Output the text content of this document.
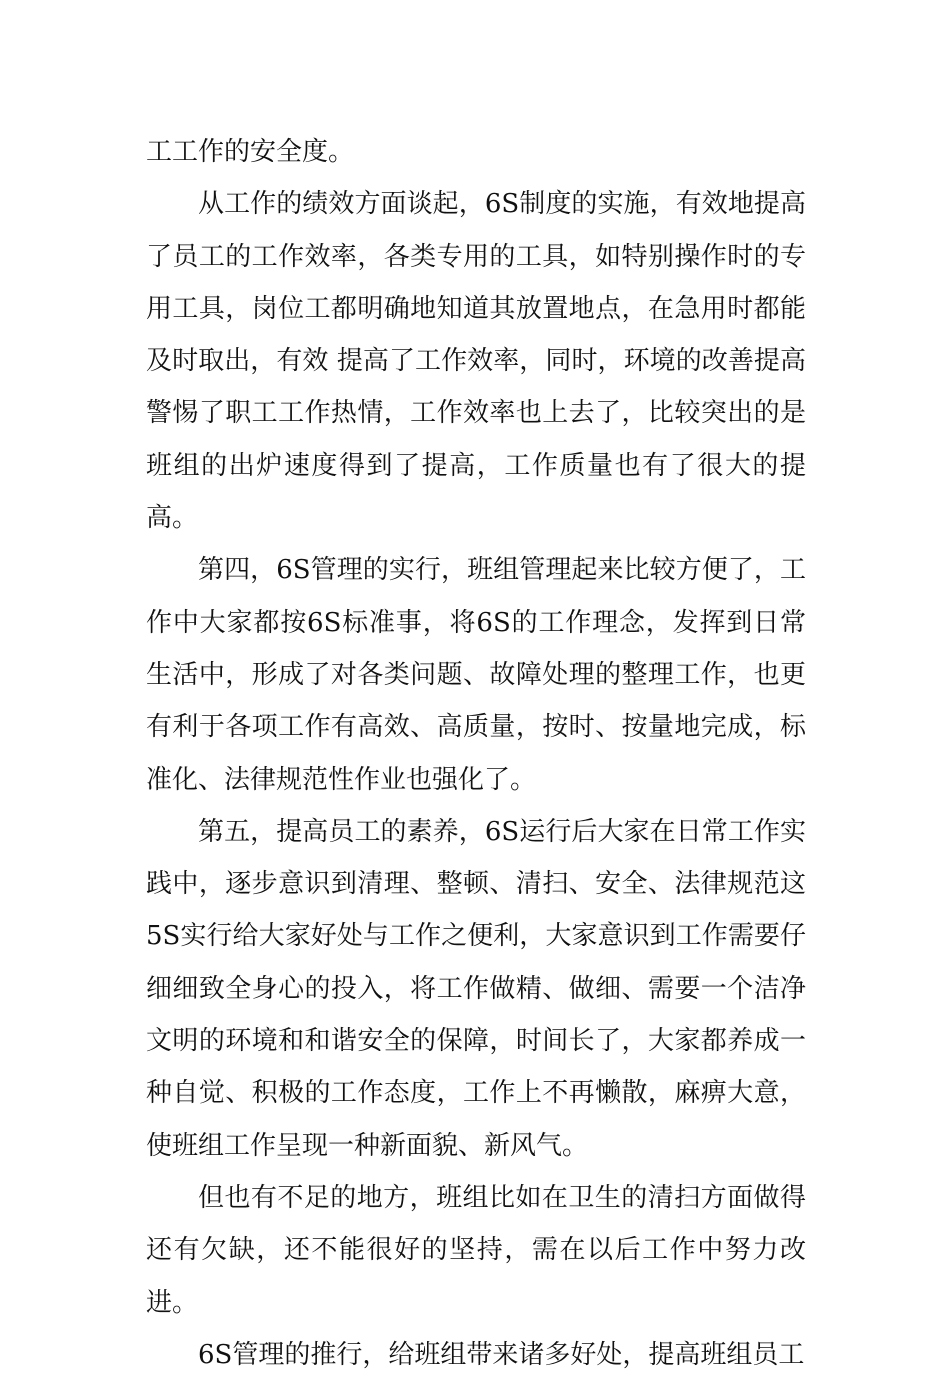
工工作的安全度。

从工作的绩效方面谈起，6S制度的实施，有效地提高了员工的工作效率，各类专用的工具，如特别操作时的专用工具，岗位工都明确地知道其放置地点，在急用时都能及时取出，有效 提高了工作效率，同时，环境的改善提高警惕了职工工作热情，工作效率也上去了，比较突出的是班组的出炉速度得到了提高，工作质量也有了很大的提高。

第四，6S管理的实行，班组管理起来比较方便了，工作中大家都按6S标准事，将6S的工作理念，发挥到日常生活中，形成了对各类问题、故障处理的整理工作，也更有利于各项工作有高效、高质量，按时、按量地完成，标准化、法律规范性作业也强化了。

第五，提高员工的素养，6S运行后大家在日常工作实践中，逐步意识到清理、整顿、清扫、安全、法律规范这5S实行给大家好处与工作之便利，大家意识到工作需要仔细细致全身心的投入，将工作做精、做细、需要一个洁净文明的环境和和谐安全的保障，时间长了，大家都养成一种自觉、积极的工作态度，工作上不再懒散，麻痹大意，使班组工作呈现一种新面貌、新风气。

但也有不足的地方，班组比如在卫生的清扫方面做得还有欠缺，还不能很好的坚持，需在以后工作中努力改进。

6S管理的推行，给班组带来诸多好处，提高班组员工
